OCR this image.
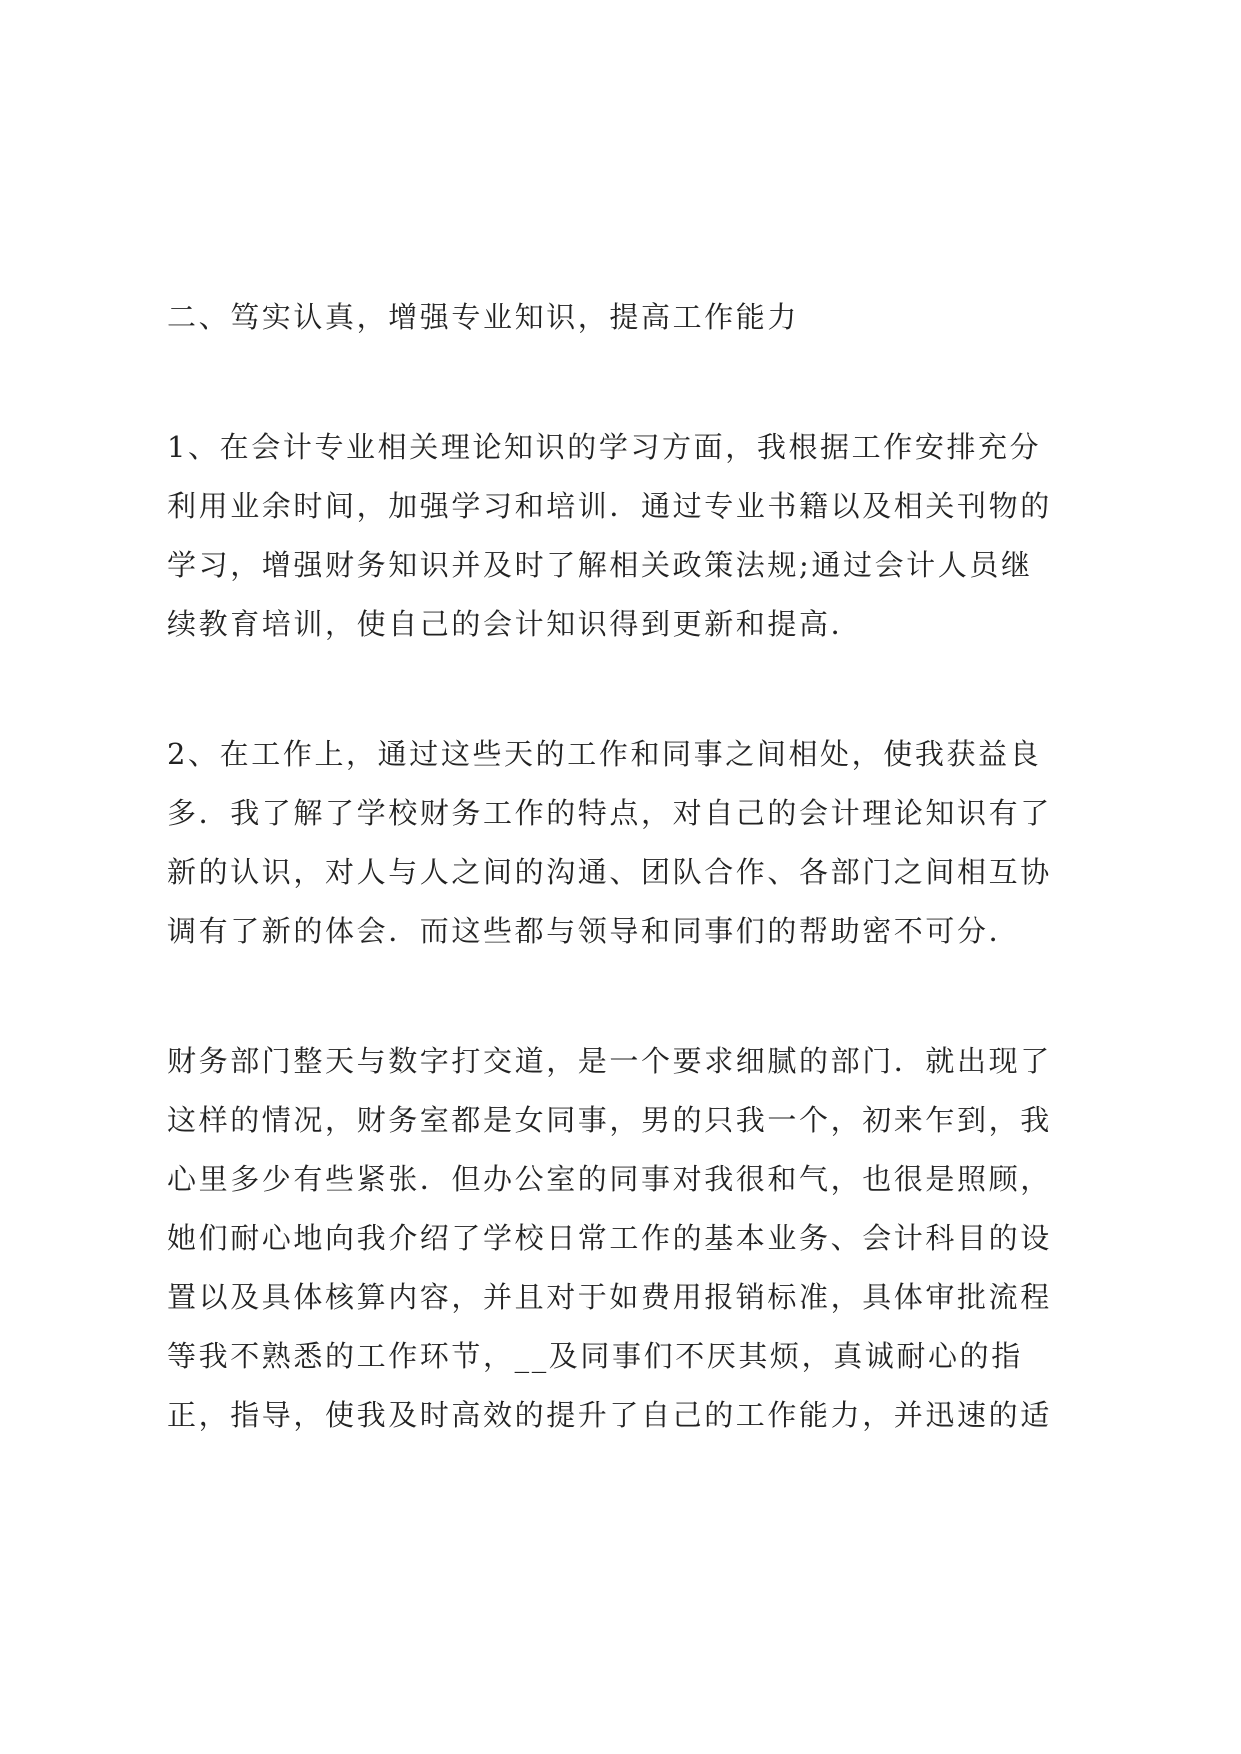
二、笃实认真，增强专业知识，提高工作能力

1、在会计专业相关理论知识的学习方面，我根据工作安排充分
利用业余时间，加强学习和培训．通过专业书籍以及相关刊物的
学习，增强财务知识并及时了解相关政策法规;通过会计人员继
续教育培训，使自己的会计知识得到更新和提高．

2、在工作上，通过这些天的工作和同事之间相处，使我获益良
多．我了解了学校财务工作的特点，对自己的会计理论知识有了
新的认识，对人与人之间的沟通、团队合作、各部门之间相互协
调有了新的体会．而这些都与领导和同事们的帮助密不可分．

财务部门整天与数字打交道，是一个要求细腻的部门．就出现了
这样的情况，财务室都是女同事，男的只我一个，初来乍到，我
心里多少有些紧张．但办公室的同事对我很和气，也很是照顾，
她们耐心地向我介绍了学校日常工作的基本业务、会计科目的设
置以及具体核算内容，并且对于如费用报销标准，具体审批流程
等我不熟悉的工作环节，__及同事们不厌其烦，真诚耐心的指
正，指导，使我及时高效的提升了自己的工作能力，并迅速的适
